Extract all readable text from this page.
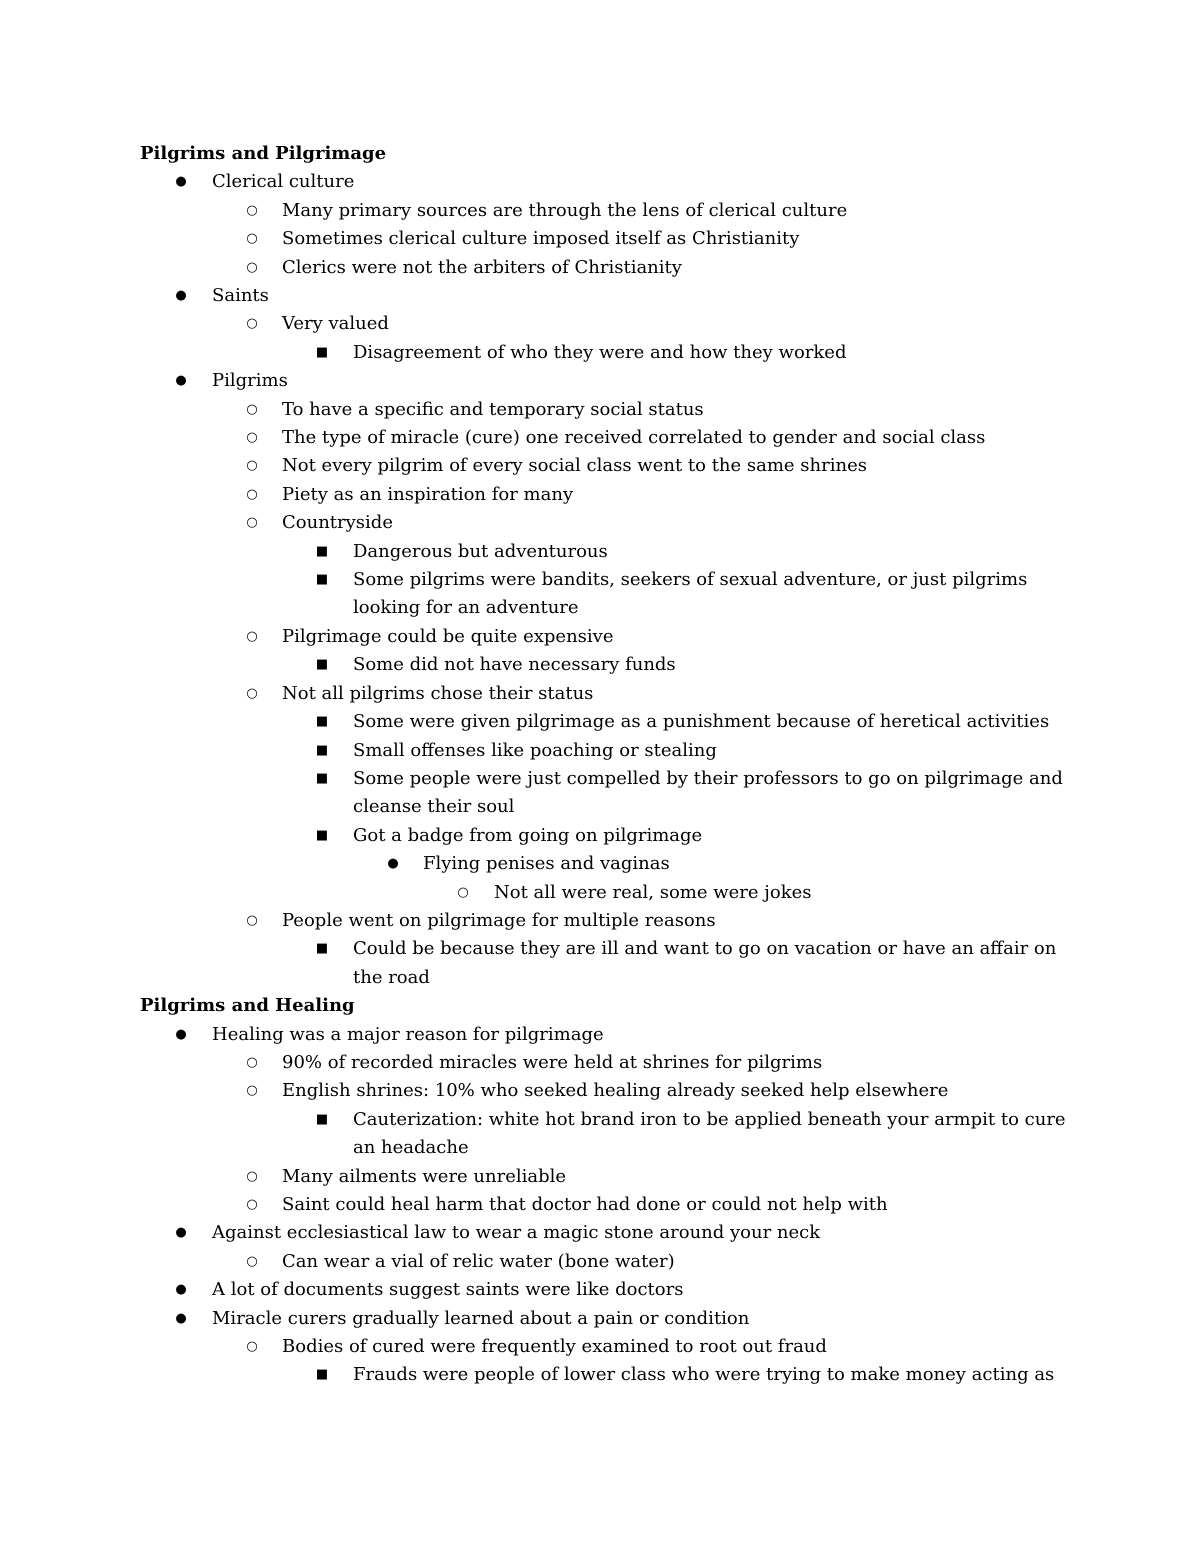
Pilgrims and Pilgrimage
● Clerical culture
○ Many primary sources are through the lens of clerical culture
○ Sometimes clerical culture imposed itself as Christianity
○ Clerics were not the arbiters of Christianity
● Saints
○ Very valued
■ Disagreement of who they were and how they worked
● Pilgrims
○ To have a specific and temporary social status
○ The type of miracle (cure) one received correlated to gender and social class
○ Not every pilgrim of every social class went to the same shrines
○ Piety as an inspiration for many
○ Countryside
■ Dangerous but adventurous
■ Some pilgrims were bandits, seekers of sexual adventure, or just pilgrims looking for an adventure
○ Pilgrimage could be quite expensive
■ Some did not have necessary funds
○ Not all pilgrims chose their status
■ Some were given pilgrimage as a punishment because of heretical activities
■ Small offenses like poaching or stealing
■ Some people were just compelled by their professors to go on pilgrimage and cleanse their soul
■ Got a badge from going on pilgrimage
● Flying penises and vaginas
○ Not all were real, some were jokes
○ People went on pilgrimage for multiple reasons
■ Could be because they are ill and want to go on vacation or have an affair on the road
Pilgrims and Healing
● Healing was a major reason for pilgrimage
○ 90% of recorded miracles were held at shrines for pilgrims
○ English shrines: 10% who seeked healing already seeked help elsewhere
■ Cauterization: white hot brand iron to be applied beneath your armpit to cure an headache
○ Many ailments were unreliable
○ Saint could heal harm that doctor had done or could not help with
● Against ecclesiastical law to wear a magic stone around your neck
○ Can wear a vial of relic water (bone water)
● A lot of documents suggest saints were like doctors
● Miracle curers gradually learned about a pain or condition
○ Bodies of cured were frequently examined to root out fraud
■ Frauds were people of lower class who were trying to make money acting as
